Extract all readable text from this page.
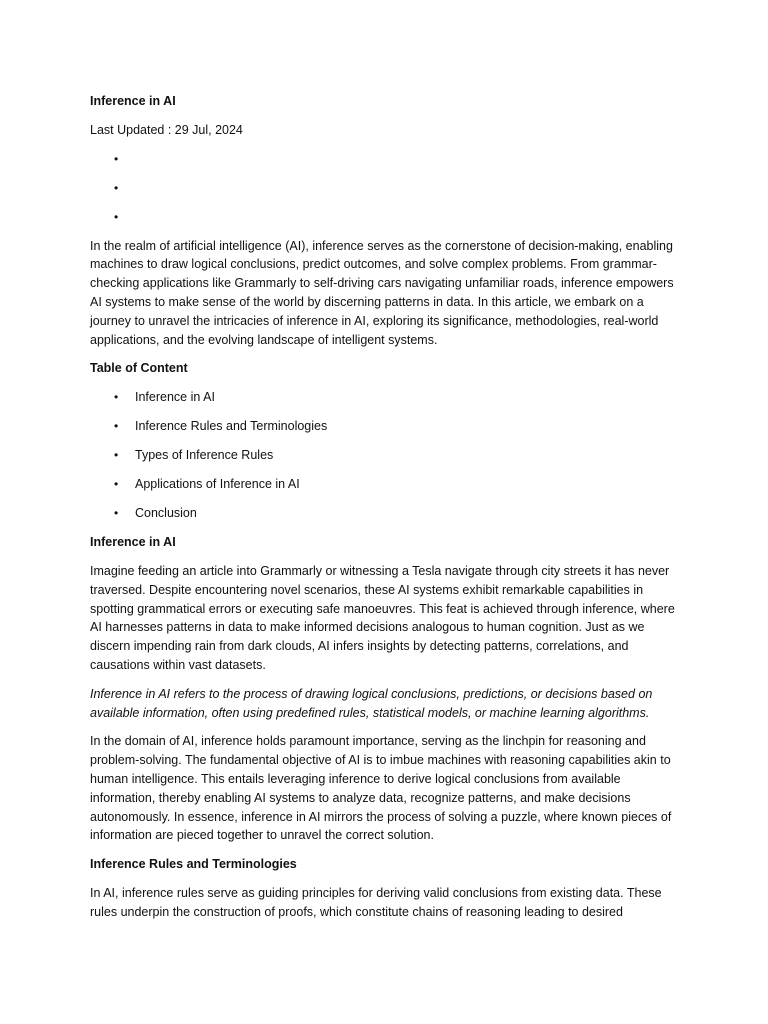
Inference in AI
Last Updated : 29 Jul, 2024
•
•
•

In the realm of artificial intelligence (AI), inference serves as the cornerstone of decision-making, enabling machines to draw logical conclusions, predict outcomes, and solve complex problems. From grammar-checking applications like Grammarly to self-driving cars navigating unfamiliar roads, inference empowers AI systems to make sense of the world by discerning patterns in data. In this article, we embark on a journey to unravel the intricacies of inference in AI, exploring its significance, methodologies, real-world applications, and the evolving landscape of intelligent systems.

Table of Content
• Inference in AI
• Inference Rules and Terminologies
• Types of Inference Rules
• Applications of Inference in AI
• Conclusion
Inference in AI

Imagine feeding an article into Grammarly or witnessing a Tesla navigate through city streets it has never traversed. Despite encountering novel scenarios, these AI systems exhibit remarkable capabilities in spotting grammatical errors or executing safe manoeuvres. This feat is achieved through inference, where AI harnesses patterns in data to make informed decisions analogous to human cognition. Just as we discern impending rain from dark clouds, AI infers insights by detecting patterns, correlations, and causations within vast datasets.

Inference in AI refers to the process of drawing logical conclusions, predictions, or decisions based on available information, often using predefined rules, statistical models, or machine learning algorithms.

In the domain of AI, inference holds paramount importance, serving as the linchpin for reasoning and problem-solving. The fundamental objective of AI is to imbue machines with reasoning capabilities akin to human intelligence. This entails leveraging inference to derive logical conclusions from available information, thereby enabling AI systems to analyze data, recognize patterns, and make decisions autonomously. In essence, inference in AI mirrors the process of solving a puzzle, where known pieces of information are pieced together to unravel the correct solution.

Inference Rules and Terminologies

In AI, inference rules serve as guiding principles for deriving valid conclusions from existing data. These rules underpin the construction of proofs, which constitute chains of reasoning leading to desired
